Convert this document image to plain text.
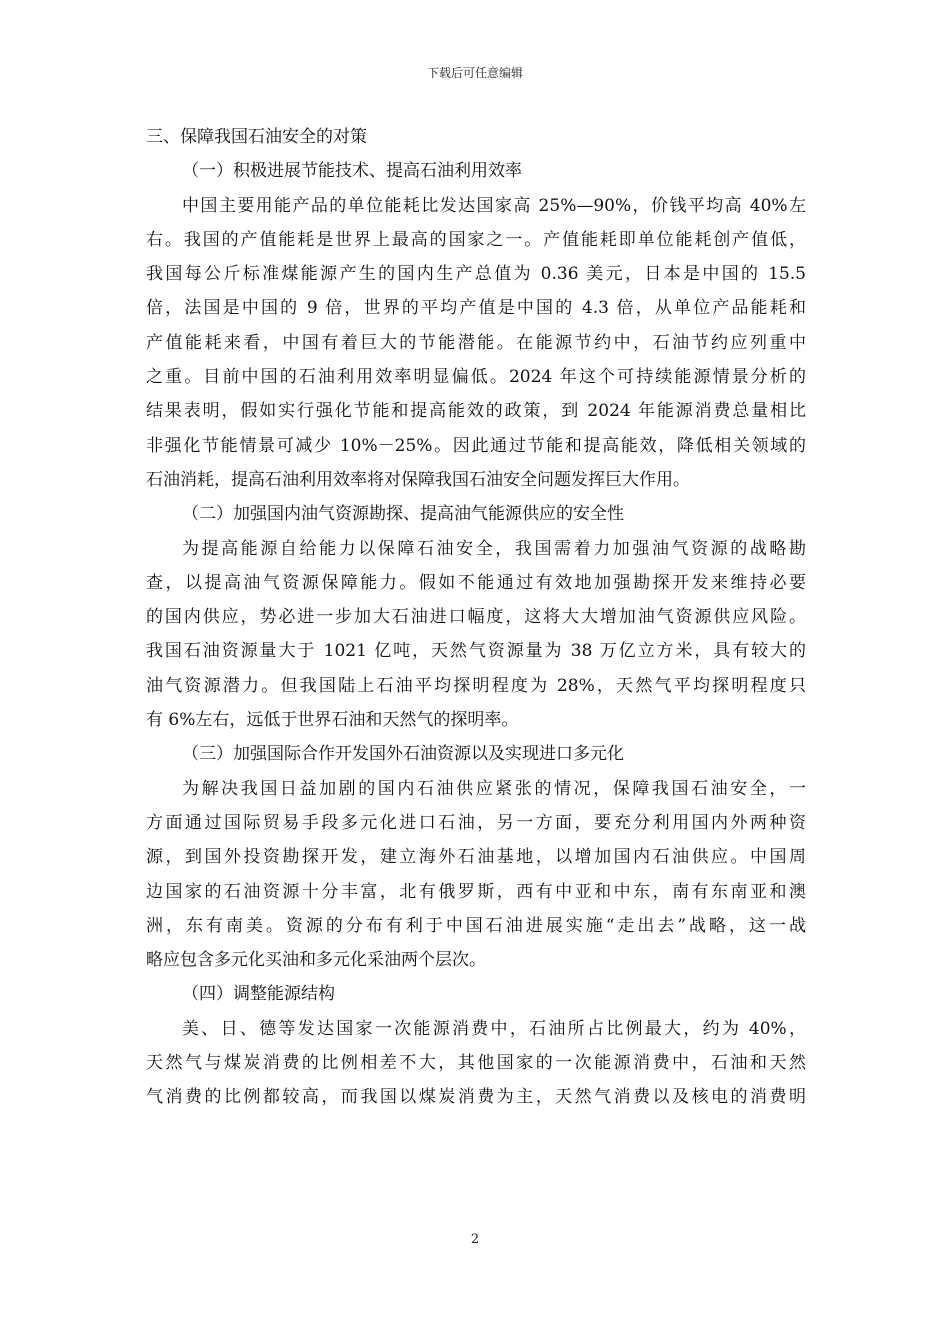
下载后可任意编辑
三、保障我国石油安全的对策
（一）积极进展节能技术、提高石油利用效率
中国主要用能产品的单位能耗比发达国家高 25%—90%，价钱平均高 40%左
右。我国的产值能耗是世界上最高的国家之一。产值能耗即单位能耗创产值低，
我国每公斤标准煤能源产生的国内生产总值为 0.36 美元，日本是中国的 15.5
倍，法国是中国的 9 倍，世界的平均产值是中国的 4.3 倍，从单位产品能耗和
产值能耗来看，中国有着巨大的节能潜能。在能源节约中，石油节约应列重中
之重。目前中国的石油利用效率明显偏低。2024 年这个可持续能源情景分析的
结果表明，假如实行强化节能和提高能效的政策，到 2024 年能源消费总量相比
非强化节能情景可减少 10%－25%。因此通过节能和提高能效，降低相关领域的
石油消耗，提高石油利用效率将对保障我国石油安全问题发挥巨大作用。
（二）加强国内油气资源勘探、提高油气能源供应的安全性
为提高能源自给能力以保障石油安全，我国需着力加强油气资源的战略勘
查，以提高油气资源保障能力。假如不能通过有效地加强勘探开发来维持必要
的国内供应，势必进一步加大石油进口幅度，这将大大增加油气资源供应风险。
我国石油资源量大于 1021 亿吨，天然气资源量为 38 万亿立方米，具有较大的
油气资源潜力。但我国陆上石油平均探明程度为 28%，天然气平均探明程度只
有 6%左右，远低于世界石油和天然气的探明率。
（三）加强国际合作开发国外石油资源以及实现进口多元化
为解决我国日益加剧的国内石油供应紧张的情况，保障我国石油安全，一
方面通过国际贸易手段多元化进口石油，另一方面，要充分利用国内外两种资
源，到国外投资勘探开发，建立海外石油基地，以增加国内石油供应。中国周
边国家的石油资源十分丰富，北有俄罗斯，西有中亚和中东，南有东南亚和澳
洲，东有南美。资源的分布有利于中国石油进展实施“走出去”战略，这一战
略应包含多元化买油和多元化采油两个层次。
（四）调整能源结构
美、日、德等发达国家一次能源消费中，石油所占比例最大，约为 40%，
天然气与煤炭消费的比例相差不大，其他国家的一次能源消费中，石油和天然
气消费的比例都较高，而我国以煤炭消费为主，天然气消费以及核电的消费明
2
